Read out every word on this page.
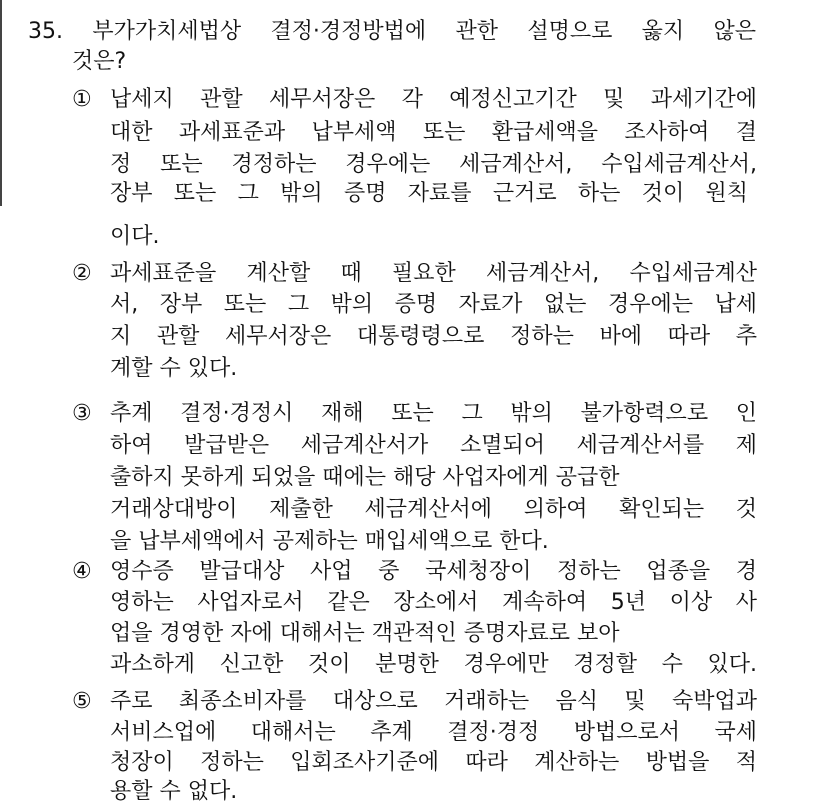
35. 부가가치세법상 결정·경정방법에 관한 설명으로 옳지 않은
것은?
① 납세지 관할 세무서장은 각 예정신고기간 및 과세기간에
대한 과세표준과 납부세액 또는 환급세액을 조사하여 결
정 또는 경정하는 경우에는 세금계산서, 수입세금계산서,
장부 또는 그 밖의 증명 자료를 근거로 하는 것이 원칙
이다.
② 과세표준을 계산할 때 필요한 세금계산서, 수입세금계산
서, 장부 또는 그 밖의 증명 자료가 없는 경우에는 납세
지 관할 세무서장은 대통령령으로 정하는 바에 따라 추
계할 수 있다.
③ 추계 결정·경정시 재해 또는 그 밖의 불가항력으로 인
하여 발급받은 세금계산서가 소멸되어 세금계산서를 제
출하지 못하게 되었을 때에는 해당 사업자에게 공급한
거래상대방이 제출한 세금계산서에 의하여 확인되는 것
을 납부세액에서 공제하는 매입세액으로 한다.
④ 영수증 발급대상 사업 중 국세청장이 정하는 업종을 경
영하는 사업자로서 같은 장소에서 계속하여 5년 이상 사
업을 경영한 자에 대해서는 객관적인 증명자료로 보아
과소하게 신고한 것이 분명한 경우에만 경정할 수 있다.
⑤ 주로 최종소비자를 대상으로 거래하는 음식 및 숙박업과
서비스업에 대해서는 추계 결정·경정 방법으로서 국세
청장이 정하는 입회조사기준에 따라 계산하는 방법을 적
용할 수 없다.
